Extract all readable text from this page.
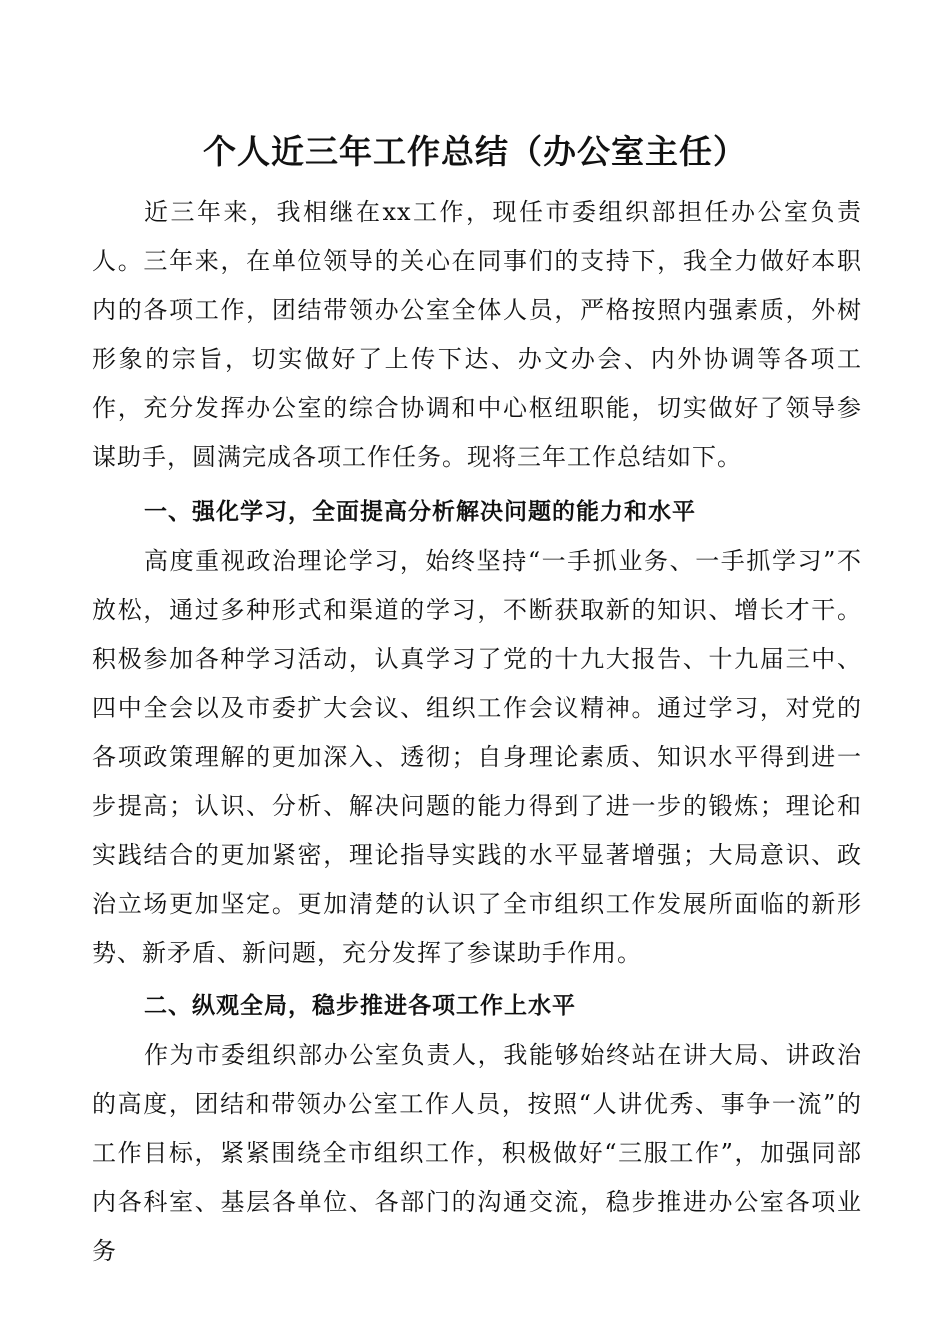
个人近三年工作总结（办公室主任）

近三年来，我相继在xx工作，现任市委组织部担任办公室负责人。三年来，在单位领导的关心在同事们的支持下，我全力做好本职内的各项工作，团结带领办公室全体人员，严格按照内强素质，外树形象的宗旨，切实做好了上传下达、办文办会、内外协调等各项工作，充分发挥办公室的综合协调和中心枢纽职能，切实做好了领导参谋助手，圆满完成各项工作任务。现将三年工作总结如下。

一、强化学习，全面提高分析解决问题的能力和水平

高度重视政治理论学习，始终坚持“一手抓业务、一手抓学习”不放松，通过多种形式和渠道的学习，不断获取新的知识、增长才干。积极参加各种学习活动，认真学习了党的十九大报告、十九届三中、四中全会以及市委扩大会议、组织工作会议精神。通过学习，对党的各项政策理解的更加深入、透彻；自身理论素质、知识水平得到进一步提高；认识、分析、解决问题的能力得到了进一步的锻炼；理论和实践结合的更加紧密，理论指导实践的水平显著增强；大局意识、政治立场更加坚定。更加清楚的认识了全市组织工作发展所面临的新形势、新矛盾、新问题，充分发挥了参谋助手作用。

二、纵观全局，稳步推进各项工作上水平

作为市委组织部办公室负责人，我能够始终站在讲大局、讲政治的高度，团结和带领办公室工作人员，按照“人讲优秀、事争一流”的工作目标，紧紧围绕全市组织工作，积极做好“三服工作”，加强同部内各科室、基层各单位、各部门的沟通交流，稳步推进办公室各项业务
